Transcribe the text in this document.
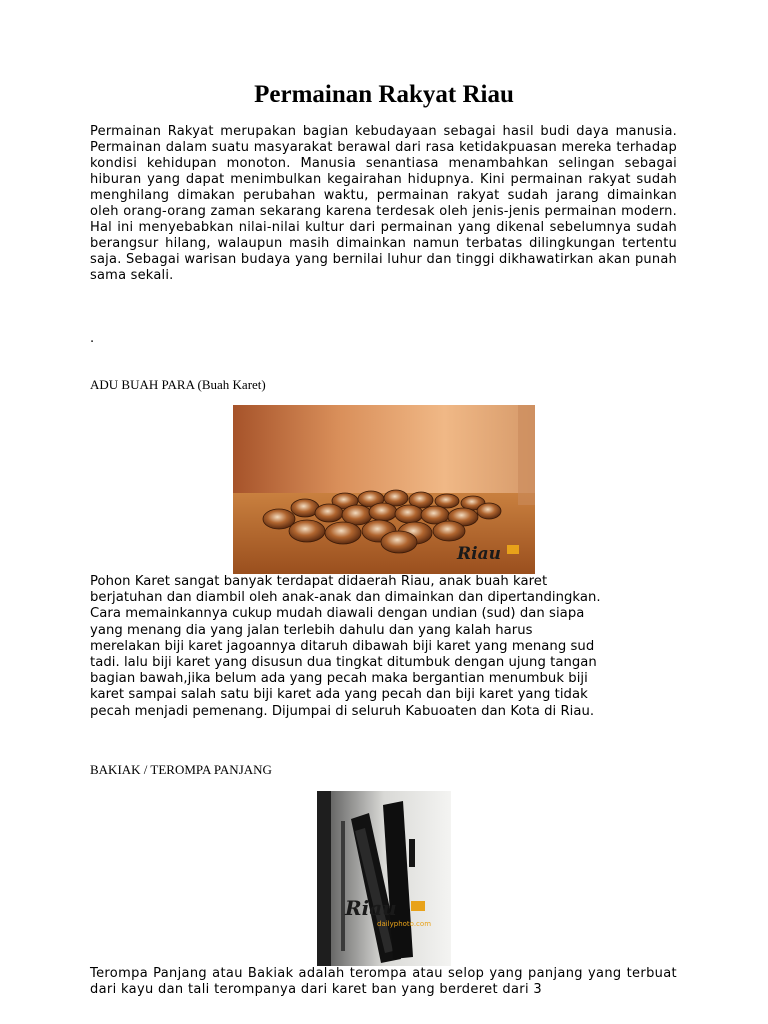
Permainan Rakyat Riau
Permainan Rakyat merupakan bagian kebudayaan sebagai hasil budi daya manusia. Permainan dalam suatu masyarakat berawal dari rasa ketidakpuasan mereka terhadap kondisi kehidupan monoton. Manusia senantiasa menambahkan selingan sebagai hiburan yang dapat menimbulkan kegairahan hidupnya. Kini permainan rakyat sudah menghilang dimakan perubahan waktu, permainan rakyat sudah jarang dimainkan oleh orang-orang zaman sekarang karena terdesak oleh jenis-jenis permainan modern. Hal ini menyebabkan nilai-nilai kultur dari permainan yang dikenal sebelumnya sudah berangsur hilang, walaupun masih dimainkan namun terbatas dilingkungan tertentu saja. Sebagai warisan budaya yang bernilai luhur dan tinggi dikhawatirkan akan punah sama sekali.
.
ADU BUAH PARA (Buah Karet)
Riau
Pohon Karet sangat banyak terdapat didaerah Riau, anak buah karet
berjatuhan dan diambil oleh anak-anak dan dimainkan dan dipertandingkan.
Cara memainkannya cukup mudah diawali dengan undian (sud) dan siapa
yang menang dia yang jalan terlebih dahulu dan yang kalah harus
merelakan biji karet jagoannya ditaruh dibawah biji karet yang menang sud
tadi. lalu biji karet yang disusun dua tingkat ditumbuk dengan ujung tangan
bagian bawah,jika belum ada yang pecah maka bergantian menumbuk biji
karet sampai salah satu biji karet ada yang pecah dan biji karet yang tidak
pecah menjadi pemenang. Dijumpai di seluruh Kabuoaten dan Kota di Riau.
BAKIAK / TEROMPA PANJANG
Riau
dailyphoto.com
Terompa Panjang atau Bakiak adalah terompa atau selop yang panjang yang terbuat dari kayu dan tali terompanya dari karet ban yang berderet dari 3
